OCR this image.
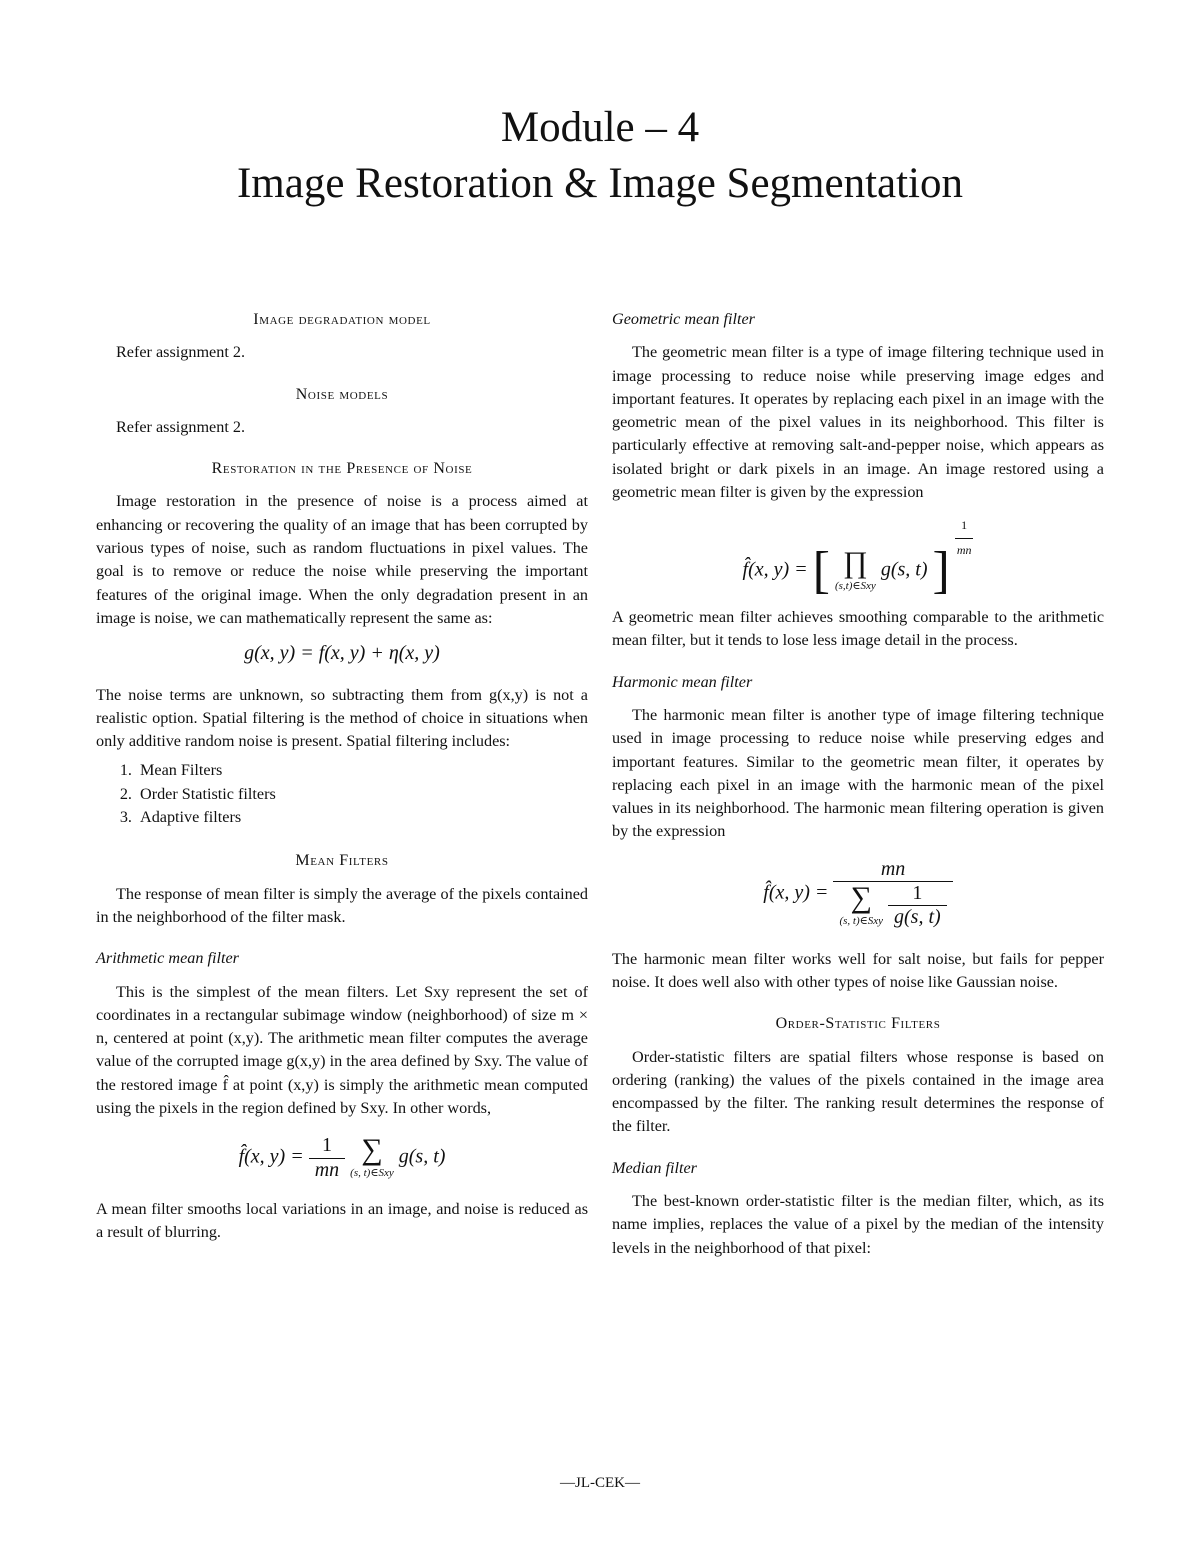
Module – 4
Image Restoration & Image Segmentation
Image degradation model

Refer assignment 2.

Noise models

Refer assignment 2.

Restoration in the Presence of Noise

Image restoration in the presence of noise is a process aimed at enhancing or recovering the quality of an image that has been corrupted by various types of noise, such as random fluctuations in pixel values. The goal is to remove or reduce the noise while preserving the important features of the original image. When the only degradation present in an image is noise, we can mathematically represent the same as:

g(x, y) = f(x, y) + η(x, y)

The noise terms are unknown, so subtracting them from g(x,y) is not a realistic option. Spatial filtering is the method of choice in situations when only additive random noise is present. Spatial filtering includes:

1. Mean Filters
2. Order Statistic filters
3. Adaptive filters
Mean Filters

The response of mean filter is simply the average of the pixels contained in the neighborhood of the filter mask.

Arithmetic mean filter

This is the simplest of the mean filters. Let Sxy represent the set of coordinates in a rectangular subimage window (neighborhood) of size m × n, centered at point (x,y). The arithmetic mean filter computes the average value of the corrupted image g(x,y) in the area defined by Sxy. The value of the restored image f̂ at point (x,y) is simply the arithmetic mean computed using the pixels in the region defined by Sxy. In other words,

f̂(x, $y) = \frac{1}{mn}$
∑
(s, t)∈Sxy
g(s, t)

A mean filter smooths local variations in an image, and noise is reduced as a result of blurring.

Geometric mean filter

The geometric mean filter is a type of image filtering technique used in image processing to reduce noise while preserving image edges and important features. It operates by replacing each pixel in an image with the geometric mean of the pixel values in its neighborhood. This filter is particularly effective at removing salt-and-pepper noise, which appears as isolated bright or dark pixels in an image. An image restored using a geometric mean filter is given by the expression

f̂(x, y) = [ ∏
(s,t)∈Sxy
g(s, t) ]
$\frac{1}{mn}$

A geometric mean filter achieves smoothing comparable to the arithmetic mean filter, but it tends to lose less image detail in the process.

Harmonic mean filter

The harmonic mean filter is another type of image filtering technique used in image processing to reduce noise while preserving edges and important features. Similar to the geometric mean filter, it operates by replacing each pixel in an image with the harmonic mean of the pixel values in its neighborhood. The harmonic mean filtering operation is given by the expression

f̂(x, y) =
mn
∑
(s, t)∈Sxy
$\frac{1}{g(s, t)}$

The harmonic mean filter works well for salt noise, but fails for pepper noise. It does well also with other types of noise like Gaussian noise.

Order-Statistic Filters

Order-statistic filters are spatial filters whose response is based on ordering (ranking) the values of the pixels contained in the image area encompassed by the filter. The ranking result determines the response of the filter.

Median filter

The best-known order-statistic filter is the median filter, which, as its name implies, replaces the value of a pixel by the median of the intensity levels in the neighborhood of that pixel:

—JL-CEK—
